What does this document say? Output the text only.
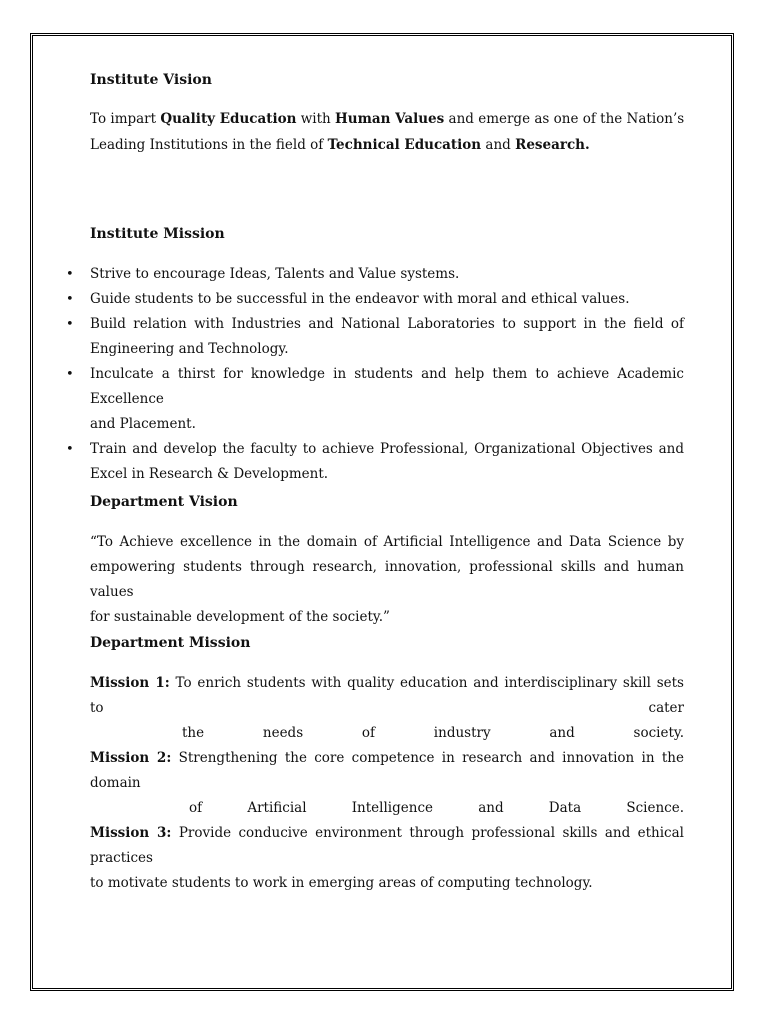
Institute Vision
To impart Quality Education with Human Values and emerge as one of the Nation’s
Leading Institutions in the field of Technical Education and Research.
Institute Mission
• Strive to encourage Ideas, Talents and Value systems.
• Guide students to be successful in the endeavor with moral and ethical values.
• Build relation with Industries and National Laboratories to support in the field of
Engineering and Technology.
• Inculcate a thirst for knowledge in students and help them to achieve Academic Excellence
and Placement.
• Train and develop the faculty to achieve Professional, Organizational Objectives and
Excel in Research & Development.
Department Vision
“To Achieve excellence in the domain of Artificial Intelligence and Data Science by
empowering students through research, innovation, professional skills and human values
for sustainable development of the society.”
Department Mission
Mission 1: To enrich students with quality education and interdisciplinary skill sets to cater
the needs of industry and society.
Mission 2: Strengthening the core competence in research and innovation in the domain
of Artificial Intelligence and Data Science.
Mission 3: Provide conducive environment through professional skills and ethical practices
to motivate students to work in emerging areas of computing technology.
